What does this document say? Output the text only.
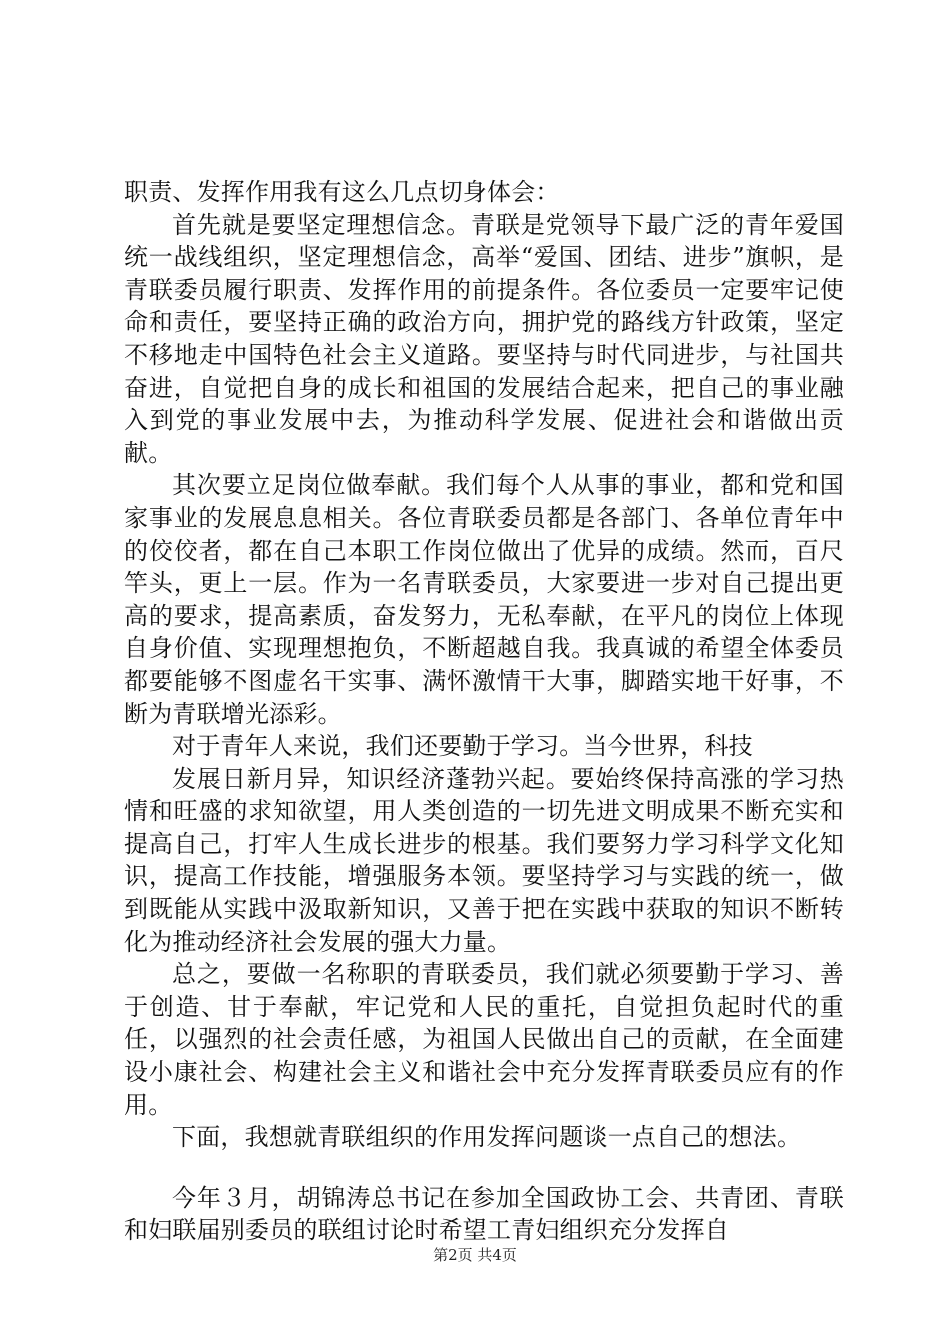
职责、发挥作用我有这么几点切身体会：

首先就是要坚定理想信念。青联是党领导下最广泛的青年爱国统一战线组织，坚定理想信念，高举“爱国、团结、进步”旗帜，是青联委员履行职责、发挥作用的前提条件。各位委员一定要牢记使命和责任，要坚持正确的政治方向，拥护党的路线方针政策，坚定不移地走中国特色社会主义道路。要坚持与时代同进步，与社国共奋进，自觉把自身的成长和祖国的发展结合起来，把自己的事业融入到党的事业发展中去，为推动科学发展、促进社会和谐做出贡献。

其次要立足岗位做奉献。我们每个人从事的事业，都和党和国家事业的发展息息相关。各位青联委员都是各部门、各单位青年中的佼佼者，都在自己本职工作岗位做出了优异的成绩。然而，百尺竿头，更上一层。作为一名青联委员，大家要进一步对自己提出更高的要求，提高素质，奋发努力，无私奉献，在平凡的岗位上体现自身价值、实现理想抱负，不断超越自我。我真诚的希望全体委员都要能够不图虚名干实事、满怀激情干大事，脚踏实地干好事，不断为青联增光添彩。

对于青年人来说，我们还要勤于学习。当今世界，科技

发展日新月异，知识经济蓬勃兴起。要始终保持高涨的学习热情和旺盛的求知欲望，用人类创造的一切先进文明成果不断充实和提高自己，打牢人生成长进步的根基。我们要努力学习科学文化知识，提高工作技能，增强服务本领。要坚持学习与实践的统一，做到既能从实践中汲取新知识，又善于把在实践中获取的知识不断转化为推动经济社会发展的强大力量。

总之，要做一名称职的青联委员，我们就必须要勤于学习、善于创造、甘于奉献，牢记党和人民的重托，自觉担负起时代的重任，以强烈的社会责任感，为祖国人民做出自己的贡献，在全面建设小康社会、构建社会主义和谐社会中充分发挥青联委员应有的作用。

下面，我想就青联组织的作用发挥问题谈一点自己的想法。

今年３月，胡锦涛总书记在参加全国政协工会、共青团、青联和妇联届别委员的联组讨论时希望工青妇组织充分发挥自

第2页 共4页
